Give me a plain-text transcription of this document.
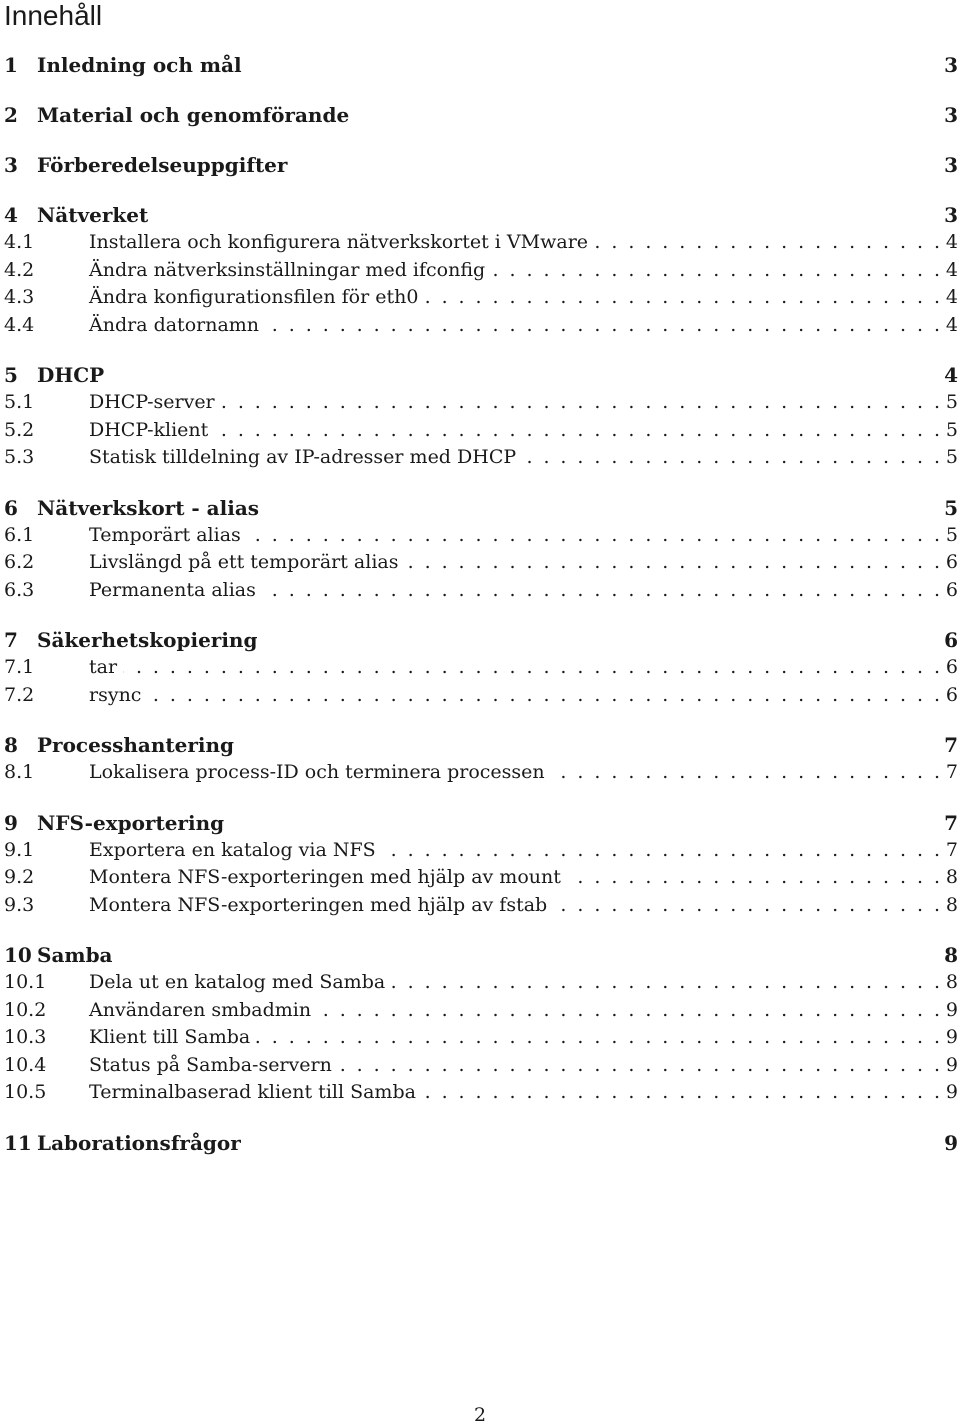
Innehåll
1 Inledning och mål	3
2 Material och genomförande	3
3 Förberedelseuppgifter	3
4 Nätverket	3
4.1	Installera och konfigurera nätverkskortet i VMware . . .	4
4.2	Ändra nätverksinställningar med ifconfig . . .	4
4.3	Ändra konfigurationsfilen för eth0 . . .	4
4.4	Ändra datornamn . . .	4
5 DHCP	4
5.1	DHCP-server . . .	5
5.2	DHCP-klient . . .	5
5.3	Statisk tilldelning av IP-adresser med DHCP . . .	5
6 Nätverkskort - alias	5
6.1	Temporärt alias . . .	5
6.2	Livslängd på ett temporärt alias . . .	6
6.3	Permanenta alias . . .	6
7 Säkerhetskopiering	6
7.1	tar . . .	6
7.2	rsync . . .	6
8 Processhantering	7
8.1	Lokalisera process-ID och terminera processen . . .	7
9 NFS-exportering	7
9.1	Exportera en katalog via NFS . . .	7
9.2	Montera NFS-exporteringen med hjälp av mount . . .	8
9.3	Montera NFS-exporteringen med hjälp av fstab . . .	8
10 Samba	8
10.1	Dela ut en katalog med Samba . . .	8
10.2	Användaren smbadmin . . .	9
10.3	Klient till Samba . . .	9
10.4	Status på Samba-servern . . .	9
10.5	Terminalbaserad klient till Samba . . .	9
11 Laborationsfrågor	9
2
